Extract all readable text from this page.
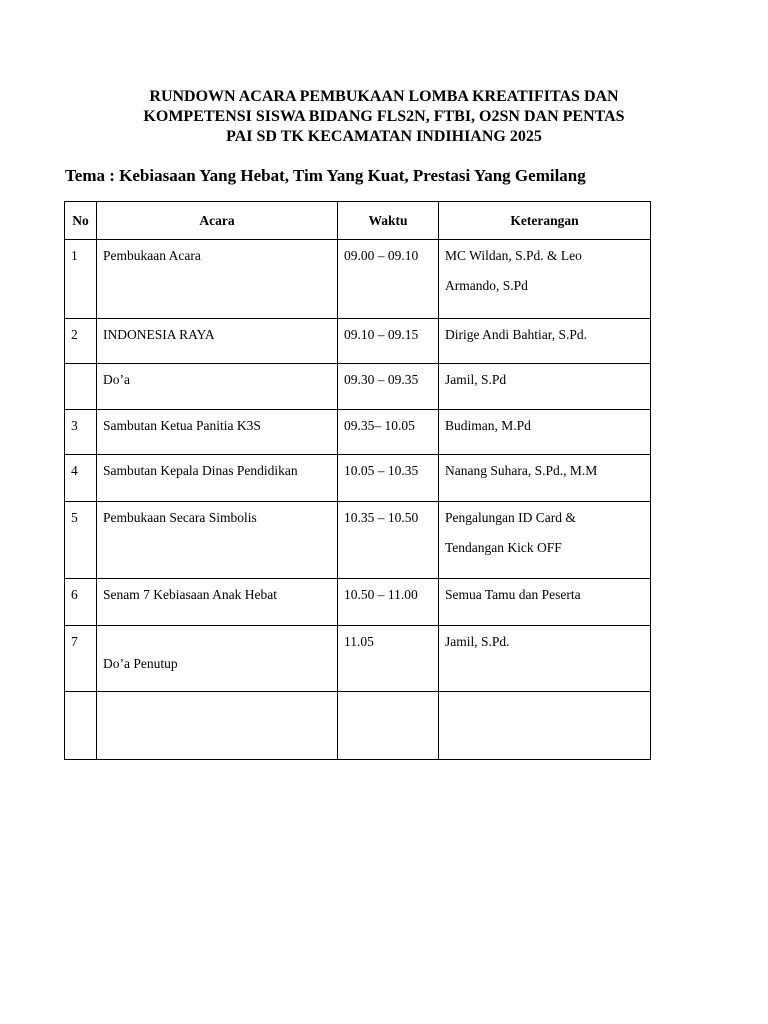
RUNDOWN ACARA PEMBUKAAN LOMBA KREATIFITAS DAN
KOMPETENSI SISWA BIDANG FLS2N, FTBI, O2SN DAN PENTAS
PAI SD TK KECAMATAN INDIHIANG 2025
Tema : Kebiasaan Yang Hebat, Tim Yang Kuat, Prestasi Yang Gemilang
No	Acara	Waktu	Keterangan
1	Pembukaan Acara	09.00 – 09.10	MC Wildan, S.Pd. & Leo
Armando, S.Pd

2	INDONESIA RAYA	09.10 – 09.15	Dirige Andi Bahtiar, S.Pd.
	Do’a	09.30 – 09.35	Jamil, S.Pd
3	Sambutan Ketua Panitia K3S	09.35– 10.05	Budiman, M.Pd
4	Sambutan Kepala Dinas Pendidikan	10.05 – 10.35	Nanang Suhara, S.Pd., M.M
5	Pembukaan Secara Simbolis	10.35 – 10.50	Pengalungan ID Card &
Tendangan Kick OFF

6	Senam 7 Kebiasaan Anak Hebat	10.50 – 11.00	Semua Tamu dan Peserta
7	Do’a Penutup	11.05	Jamil, S.Pd.
